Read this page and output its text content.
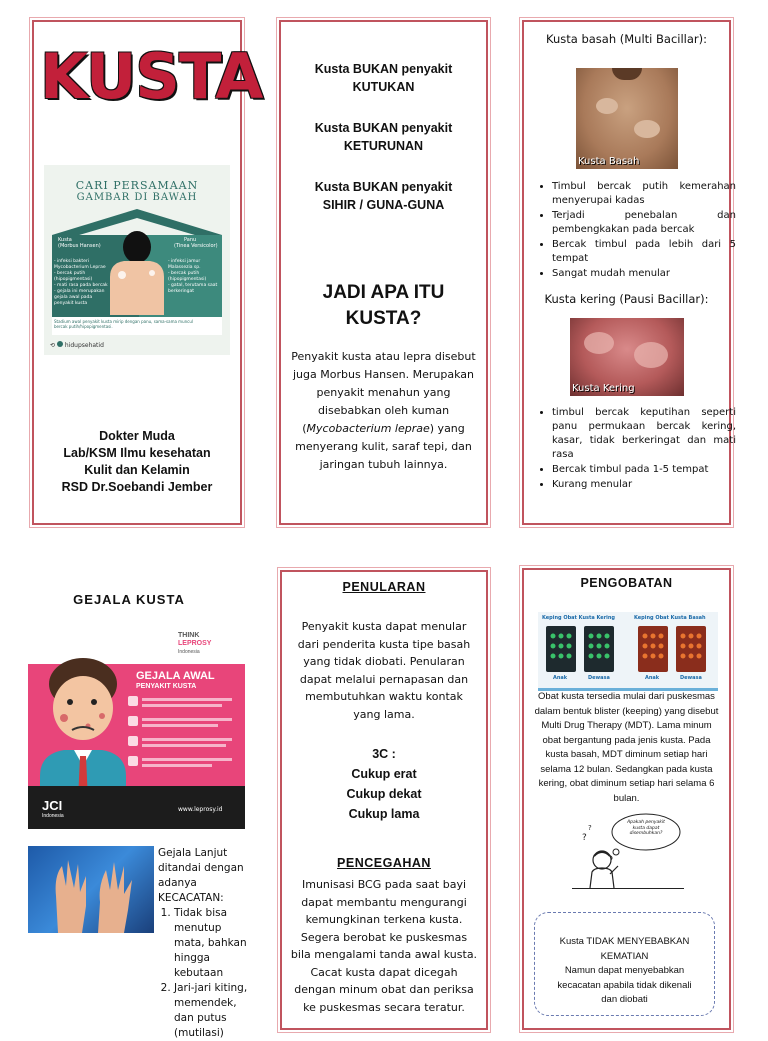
KUSTA
CARI PERSAMAAN
GAMBAR DI BAWAH
Kusta
(Morbus Hansen)
Panu
(Tinea Versicolor)
- infeksi bakteri
Mycobacterium Leprae
- bercak putih
(hipopigmentasi)
- mati rasa pada bercak
- gejala ini merupakan
gejala awal pada
penyakit kusta
- infeksi jamur
Malassezia sp.
- bercak putih
(hipopigmentasi)
- gatal, terutama saat
berkeringat
Stadium awal penyakit kusta mirip dengan panu, sama-sama muncul bercak putih/hipopigmentasi.
⟲ hidupsehatid
Dokter Muda
Lab/KSM Ilmu kesehatan
Kulit dan Kelamin
RSD Dr.Soebandi Jember
Kusta BUKAN penyakit
KUTUKAN
Kusta BUKAN penyakit
KETURUNAN
Kusta BUKAN penyakit
SIHIR / GUNA-GUNA
JADI APA ITU
KUSTA?
Penyakit kusta atau lepra disebut juga Morbus Hansen. Merupakan penyakit menahun yang disebabkan oleh kuman (Mycobacterium leprae) yang menyerang kulit, saraf tepi, dan jaringan tubuh lainnya.
Kusta basah (Multi Bacillar):
Kusta Basah
• Timbul bercak putih kemerahan menyerupai kadas
• Terjadi penebalan dan pembengkakan pada bercak
• Bercak timbul pada lebih dari 5 tempat
• Sangat mudah menular
Kusta kering (Pausi Bacillar):
Kusta Kering
• timbul bercak keputihan seperti panu permukaan bercak kering, kasar, tidak berkeringat dan mati rasa
• Bercak timbul pada 1-5 tempat
• Kurang menular
GEJALA KUSTA
THINK
LEPROSY
Indonesia
GEJALA AWAL
PENYAKIT KUSTA
JCI
Indonesia
www.leprosy.id
Gejala Lanjut ditandai dengan adanya KECACATAN:
1. Tidak bisa menutup mata, bahkan hingga kebutaan
2. Jari-jari kiting, memendek, dan putus (mutilasi)
PENULARAN
Penyakit kusta dapat menular dari penderita kusta tipe basah yang tidak diobati. Penularan dapat melalui pernapasan dan membutuhkan waktu kontak yang lama.
3C :
Cukup erat
Cukup dekat
Cukup lama
PENCEGAHAN
Imunisasi BCG pada saat bayi dapat membantu mengurangi kemungkinan terkena kusta. Segera berobat ke puskesmas bila mengalami tanda awal kusta. Cacat kusta dapat dicegah dengan minum obat dan periksa ke puskesmas secara teratur.
PENGOBATAN
Keping Obat Kusta Kering	Keping Obat Kusta Basah
Anak	Dewasa	Anak	Dewasa
Obat kusta tersedia mulai dari puskesmas dalam bentuk blister (keeping) yang disebut Multi Drug Therapy (MDT). Lama minum obat bergantung pada jenis kusta. Pada kusta basah, MDT diminum setiap hari selama 12 bulan. Sedangkan pada kusta kering, obat diminum setiap hari selama 6 bulan.
?
?
Apakah penyakit kusta dapat disembuhkan?
Kusta TIDAK MENYEBABKAN
KEMATIAN
Namun dapat menyebabkan kecacatan apabila tidak dikenali dan diobati
